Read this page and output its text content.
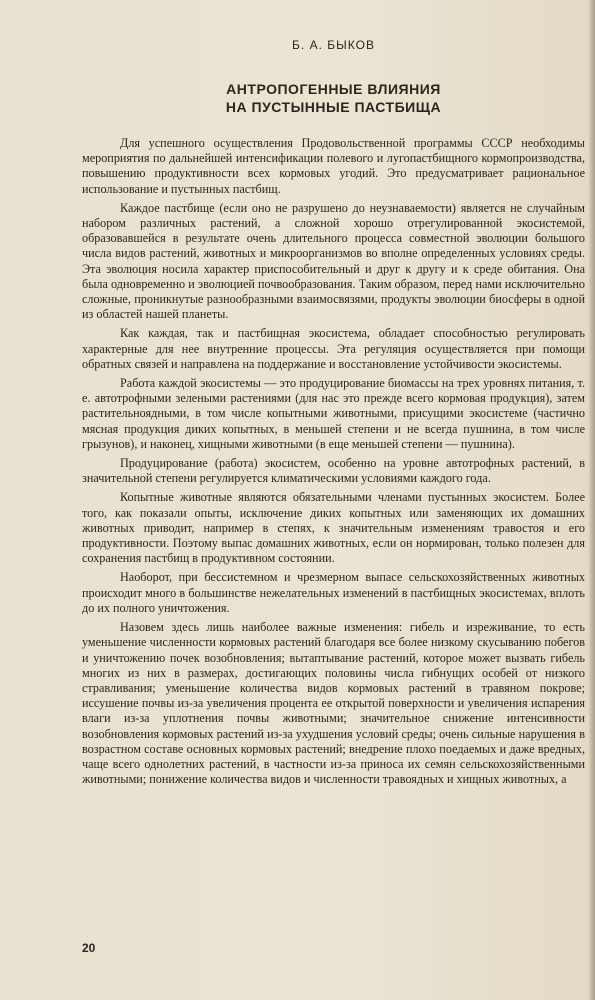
Б. А. БЫКОВ
АНТРОПОГЕННЫЕ ВЛИЯНИЯ
НА ПУСТЫННЫЕ ПАСТБИЩА

Для успешного осуществления Продовольственной программы СССР необходимы мероприятия по дальнейшей интенсификации полевого и лугопастбищного кормопроизводства, повышению продуктивности всех кормовых угодий. Это предусматривает рациональное использование и пустынных пастбищ.

Каждое пастбище (если оно не разрушено до неузнаваемости) является не случайным набором различных растений, а сложной хорошо отрегулированной экосистемой, образовавшейся в результате очень длительного процесса совместной эволюции большого числа видов растений, животных и микроорганизмов во вполне определенных условиях среды. Эта эволюция носила характер приспособительный и друг к другу и к среде обитания. Она была одновременно и эволюцией почвообразования. Таким образом, перед нами исключительно сложные, проникнутые разнообразными взаимосвязями, продукты эволюции биосферы в одной из областей нашей планеты.

Как каждая, так и пастбищная экосистема, обладает способностью регулировать характерные для нее внутренние процессы. Эта регуляция осуществляется при помощи обратных связей и направлена на поддержание и восстановление устойчивости экосистемы.

Работа каждой экосистемы — это продуцирование биомассы на трех уровнях питания, т. е. автотрофными зелеными растениями (для нас это прежде всего кормовая продукция), затем растительноядными, в том числе копытными животными, присущими экосистеме (частично мясная продукция диких копытных, в меньшей степени и не всегда пушнина, в том числе грызунов), и наконец, хищными животными (в еще меньшей степени — пушнина).

Продуцирование (работа) экосистем, особенно на уровне автотрофных растений, в значительной степени регулируется климатическими условиями каждого года.

Копытные животные являются обязательными членами пустынных экосистем. Более того, как показали опыты, исключение диких копытных или заменяющих их домашних животных приводит, например в степях, к значительным изменениям травостоя и его продуктивности. Поэтому выпас домашних животных, если он нормирован, только полезен для сохранения пастбищ в продуктивном состоянии.

Наоборот, при бессистемном и чрезмерном выпасе сельскохозяйственных животных происходит много в большинстве нежелательных изменений в пастбищных экосистемах, вплоть до их полного уничтожения.

Назовем здесь лишь наиболее важные изменения: гибель и изреживание, то есть уменьшение численности кормовых растений благодаря все более низкому скусыванию побегов и уничтожению почек возобновления; вытаптывание растений, которое может вызвать гибель многих из них в размерах, достигающих половины числа гибнущих особей от низкого стравливания; уменьшение количества видов кормовых растений в травяном покрове; иссушение почвы из-за увеличения процента ее открытой поверхности и увеличения испарения влаги из-за уплотнения почвы животными; значительное снижение интенсивности возобновления кормовых растений из-за ухудшения условий среды; очень сильные нарушения в возрастном составе основных кормовых растений; внедрение плохо поедаемых и даже вредных, чаще всего однолетних растений, в частности из-за приноса их семян сельскохозяйственными животными; понижение количества видов и численности травоядных и хищных животных, а

20
